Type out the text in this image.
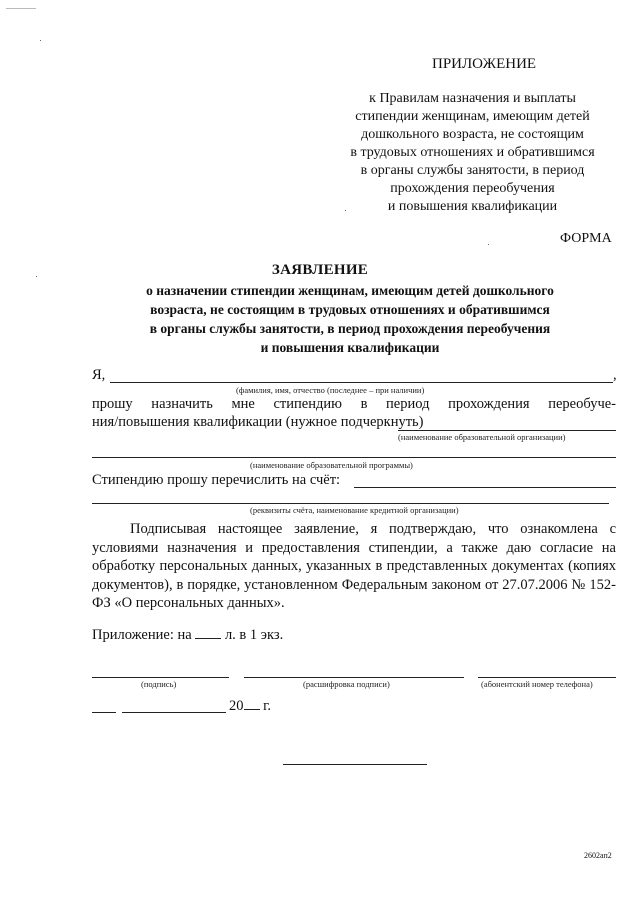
ПРИЛОЖЕНИЕ
к Правилам назначения и выплаты
стипендии женщинам, имеющим детей
дошкольного возраста, не состоящим
в трудовых отношениях и обратившимся
в органы службы занятости, в период
прохождения переобучения
и повышения квалификации
ФОРМА
ЗАЯВЛЕНИЕ
о назначении стипендии женщинам, имеющим детей дошкольного
возраста, не состоящим в трудовых отношениях и обратившимся
в органы службы занятости, в период прохождения переобучения
и повышения квалификации
Я,	,
(фамилия, имя, отчество (последнее – при наличии)
прошу назначить мне стипендию в период прохождения переобуче-
ния/повышения квалификации (нужное подчеркнуть)
(наименование образовательной организации)
(наименование образовательной программы)
Стипендию прошу перечислить на счёт:
(реквизиты счёта, наименование кредитной организации)
Подписывая настоящее заявление, я подтверждаю, что ознакомлена с условиями назначения и предоставления стипендии, а также даю согласие на обработку персональных данных, указанных в представленных документах (копиях документов), в порядке, установленном Федеральным законом от 27.07.2006 № 152-ФЗ «О персональных данных».
Приложение: на л. в 1 экз.
(подпись)	(расшифровка подписи)	(абонентский номер телефона)
20 г.
2602ап2
